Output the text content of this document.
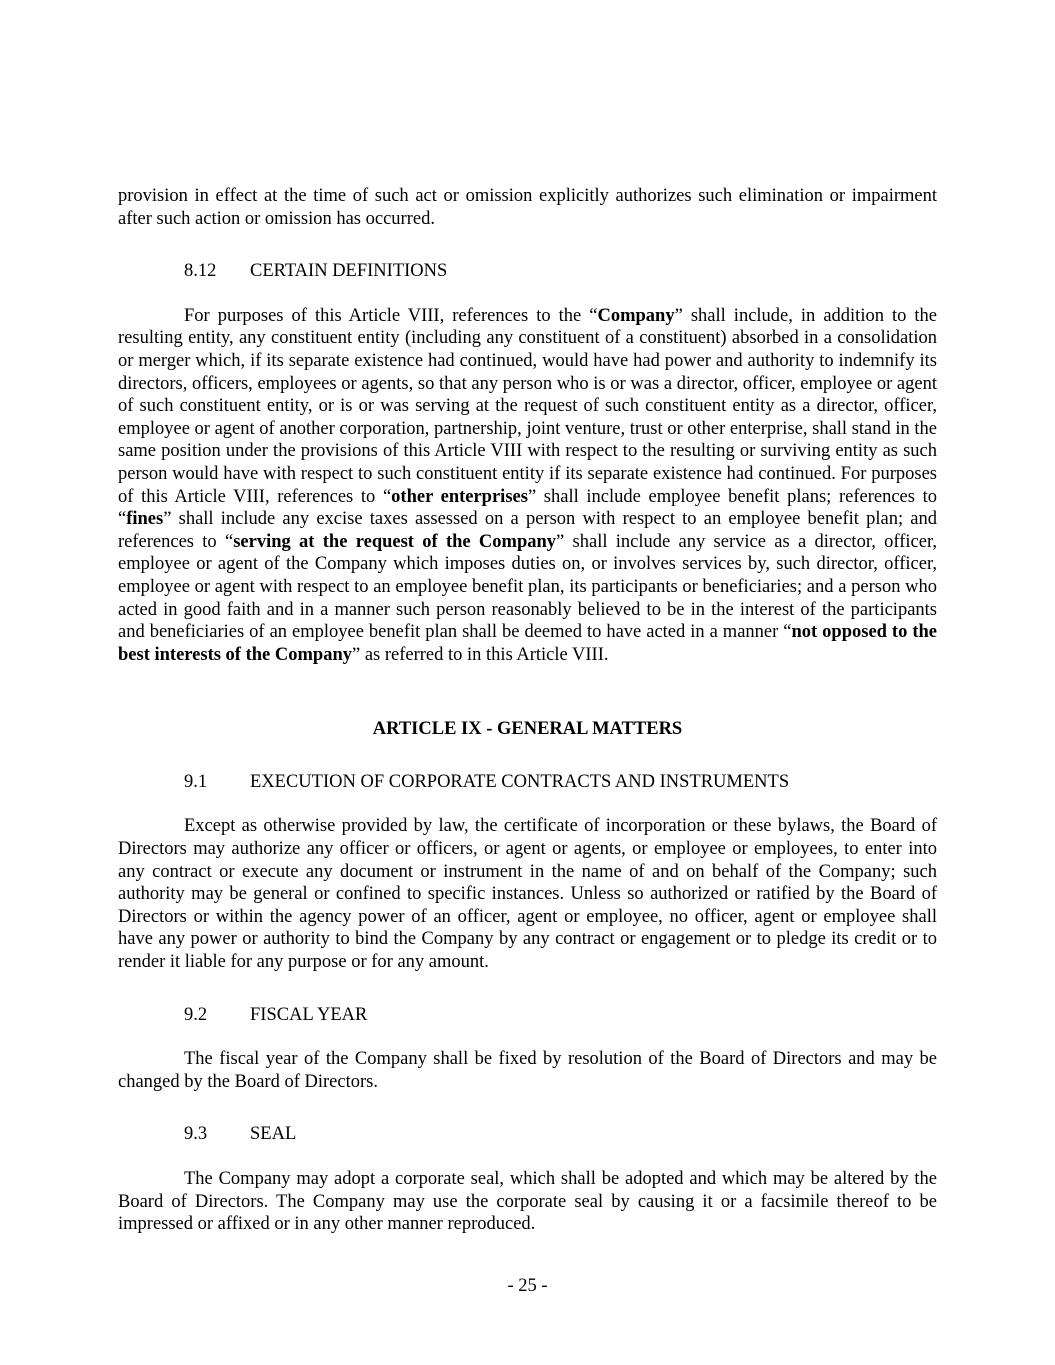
provision in effect at the time of such act or omission explicitly authorizes such elimination or impairment after such action or omission has occurred.

8.12	CERTAIN DEFINITIONS

For purposes of this Article VIII, references to the “Company” shall include, in addition to the resulting entity, any constituent entity (including any constituent of a constituent) absorbed in a consolidation or merger which, if its separate existence had continued, would have had power and authority to indemnify its directors, officers, employees or agents, so that any person who is or was a director, officer, employee or agent of such constituent entity, or is or was serving at the request of such constituent entity as a director, officer, employee or agent of another corporation, partnership, joint venture, trust or other enterprise, shall stand in the same position under the provisions of this Article VIII with respect to the resulting or surviving entity as such person would have with respect to such constituent entity if its separate existence had continued. For purposes of this Article VIII, references to “other enterprises” shall include employee benefit plans; references to “fines” shall include any excise taxes assessed on a person with respect to an employee benefit plan; and references to “serving at the request of the Company” shall include any service as a director, officer, employee or agent of the Company which imposes duties on, or involves services by, such director, officer, employee or agent with respect to an employee benefit plan, its participants or beneficiaries; and a person who acted in good faith and in a manner such person reasonably believed to be in the interest of the participants and beneficiaries of an employee benefit plan shall be deemed to have acted in a manner “not opposed to the best interests of the Company” as referred to in this Article VIII.

ARTICLE IX - GENERAL MATTERS
9.1	EXECUTION OF CORPORATE CONTRACTS AND INSTRUMENTS

Except as otherwise provided by law, the certificate of incorporation or these bylaws, the Board of Directors may authorize any officer or officers, or agent or agents, or employee or employees, to enter into any contract or execute any document or instrument in the name of and on behalf of the Company; such authority may be general or confined to specific instances. Unless so authorized or ratified by the Board of Directors or within the agency power of an officer, agent or employee, no officer, agent or employee shall have any power or authority to bind the Company by any contract or engagement or to pledge its credit or to render it liable for any purpose or for any amount.

9.2	FISCAL YEAR

The fiscal year of the Company shall be fixed by resolution of the Board of Directors and may be changed by the Board of Directors.

9.3	SEAL

The Company may adopt a corporate seal, which shall be adopted and which may be altered by the Board of Directors. The Company may use the corporate seal by causing it or a facsimile thereof to be impressed or affixed or in any other manner reproduced.

- 25 -
